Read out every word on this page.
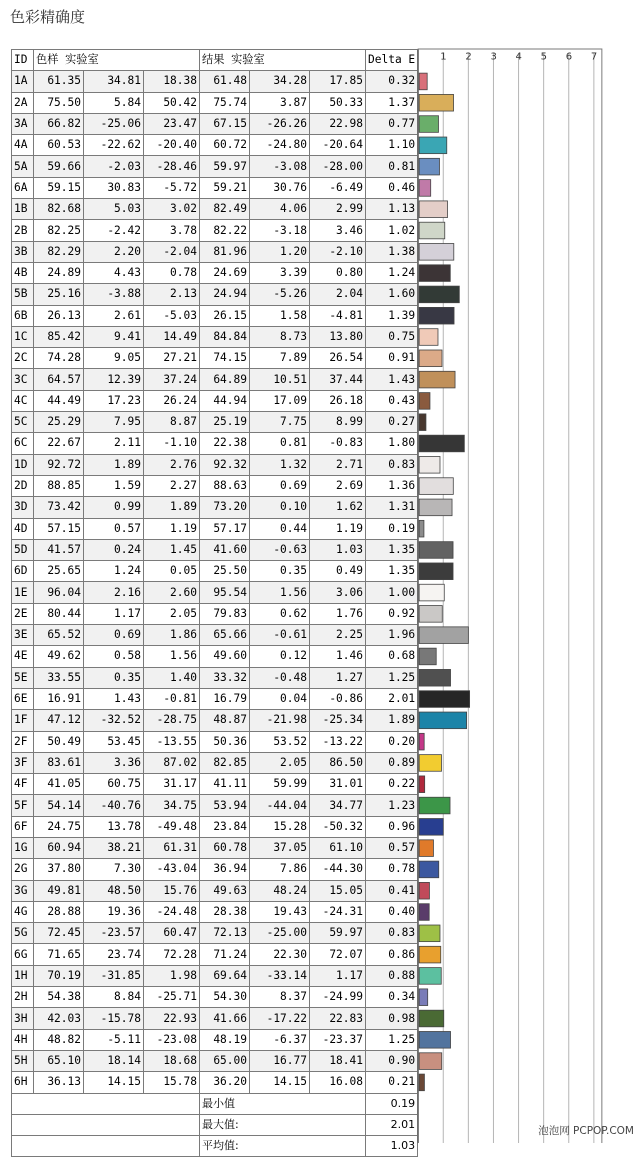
色彩精确度
ID	色样 实验室			结果 实验室			Delta E
1A	61.35	34.81	18.38	61.48	34.28	17.85	0.32
2A	75.50	5.84	50.42	75.74	3.87	50.33	1.37
3A	66.82	-25.06	23.47	67.15	-26.26	22.98	0.77
4A	60.53	-22.62	-20.40	60.72	-24.80	-20.64	1.10
5A	59.66	-2.03	-28.46	59.97	-3.08	-28.00	0.81
6A	59.15	30.83	-5.72	59.21	30.76	-6.49	0.46
1B	82.68	5.03	3.02	82.49	4.06	2.99	1.13
2B	82.25	-2.42	3.78	82.22	-3.18	3.46	1.02
3B	82.29	2.20	-2.04	81.96	1.20	-2.10	1.38
4B	24.89	4.43	0.78	24.69	3.39	0.80	1.24
5B	25.16	-3.88	2.13	24.94	-5.26	2.04	1.60
6B	26.13	2.61	-5.03	26.15	1.58	-4.81	1.39
1C	85.42	9.41	14.49	84.84	8.73	13.80	0.75
2C	74.28	9.05	27.21	74.15	7.89	26.54	0.91
3C	64.57	12.39	37.24	64.89	10.51	37.44	1.43
4C	44.49	17.23	26.24	44.94	17.09	26.18	0.43
5C	25.29	7.95	8.87	25.19	7.75	8.99	0.27
6C	22.67	2.11	-1.10	22.38	0.81	-0.83	1.80
1D	92.72	1.89	2.76	92.32	1.32	2.71	0.83
2D	88.85	1.59	2.27	88.63	0.69	2.69	1.36
3D	73.42	0.99	1.89	73.20	0.10	1.62	1.31
4D	57.15	0.57	1.19	57.17	0.44	1.19	0.19
5D	41.57	0.24	1.45	41.60	-0.63	1.03	1.35
6D	25.65	1.24	0.05	25.50	0.35	0.49	1.35
1E	96.04	2.16	2.60	95.54	1.56	3.06	1.00
2E	80.44	1.17	2.05	79.83	0.62	1.76	0.92
3E	65.52	0.69	1.86	65.66	-0.61	2.25	1.96
4E	49.62	0.58	1.56	49.60	0.12	1.46	0.68
5E	33.55	0.35	1.40	33.32	-0.48	1.27	1.25
6E	16.91	1.43	-0.81	16.79	0.04	-0.86	2.01
1F	47.12	-32.52	-28.75	48.87	-21.98	-25.34	1.89
2F	50.49	53.45	-13.55	50.36	53.52	-13.22	0.20
3F	83.61	3.36	87.02	82.85	2.05	86.50	0.89
4F	41.05	60.75	31.17	41.11	59.99	31.01	0.22
5F	54.14	-40.76	34.75	53.94	-44.04	34.77	1.23
6F	24.75	13.78	-49.48	23.84	15.28	-50.32	0.96
1G	60.94	38.21	61.31	60.78	37.05	61.10	0.57
2G	37.80	7.30	-43.04	36.94	7.86	-44.30	0.78
3G	49.81	48.50	15.76	49.63	48.24	15.05	0.41
4G	28.88	19.36	-24.48	28.38	19.43	-24.31	0.40
5G	72.45	-23.57	60.47	72.13	-25.00	59.97	0.83
6G	71.65	23.74	72.28	71.24	22.30	72.07	0.86
1H	70.19	-31.85	1.98	69.64	-33.14	1.17	0.88
2H	54.38	8.84	-25.71	54.30	8.37	-24.99	0.34
3H	42.03	-15.78	22.93	41.66	-17.22	22.83	0.98
4H	48.82	-5.11	-23.08	48.19	-6.37	-23.37	1.25
5H	65.10	18.14	18.68	65.00	16.77	18.41	0.90
6H	36.13	14.15	15.78	36.20	14.15	16.08	0.21
				最小值			0.19
				最大值:			2.01
				平均值:			1.03
1 2 3 4 5 6 7
泡泡网 PCPOP.COM
